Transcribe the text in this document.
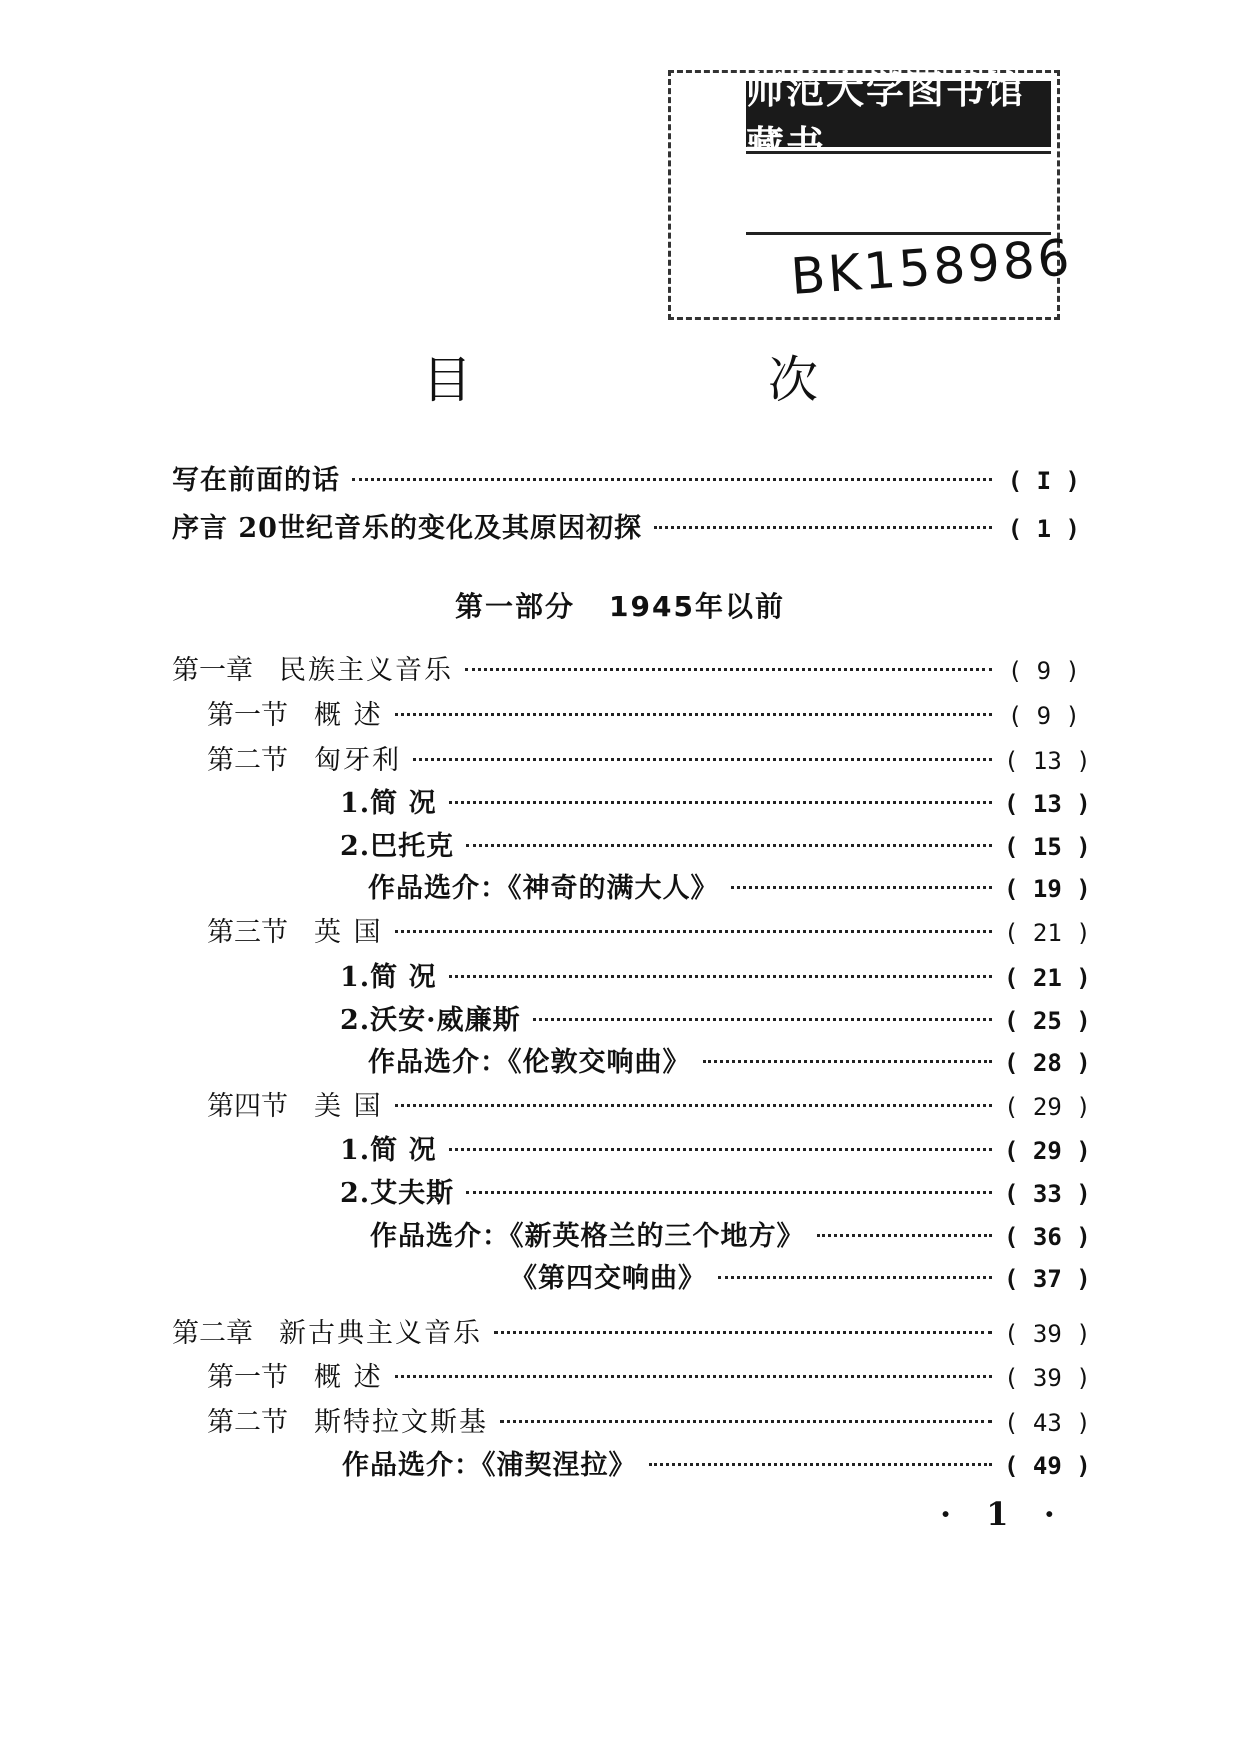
师范大学图书馆藏书
BK158986
目 次
写在前面的话	( I )
序言 20世纪音乐的变化及其原因初探	( 1 )
第一部分 1945年以前
第一章 民族主义音乐	( 9 )
第一节 概 述	( 9 )
第二节 匈牙利	( 13 )
1.简 况	( 13 )
2.巴托克	( 15 )
作品选介：《神奇的满大人》	( 19 )
第三节 英 国	( 21 )
1.简 况	( 21 )
2.沃安·威廉斯	( 25 )
作品选介：《伦敦交响曲》	( 28 )
第四节 美 国	( 29 )
1.简 况	( 29 )
2.艾夫斯	( 33 )
作品选介：《新英格兰的三个地方》	( 36 )
《第四交响曲》	( 37 )
第二章 新古典主义音乐	( 39 )
第一节 概 述	( 39 )
第二节 斯特拉文斯基	( 43 )
作品选介：《浦契涅拉》	( 49 )
· 1 ·
